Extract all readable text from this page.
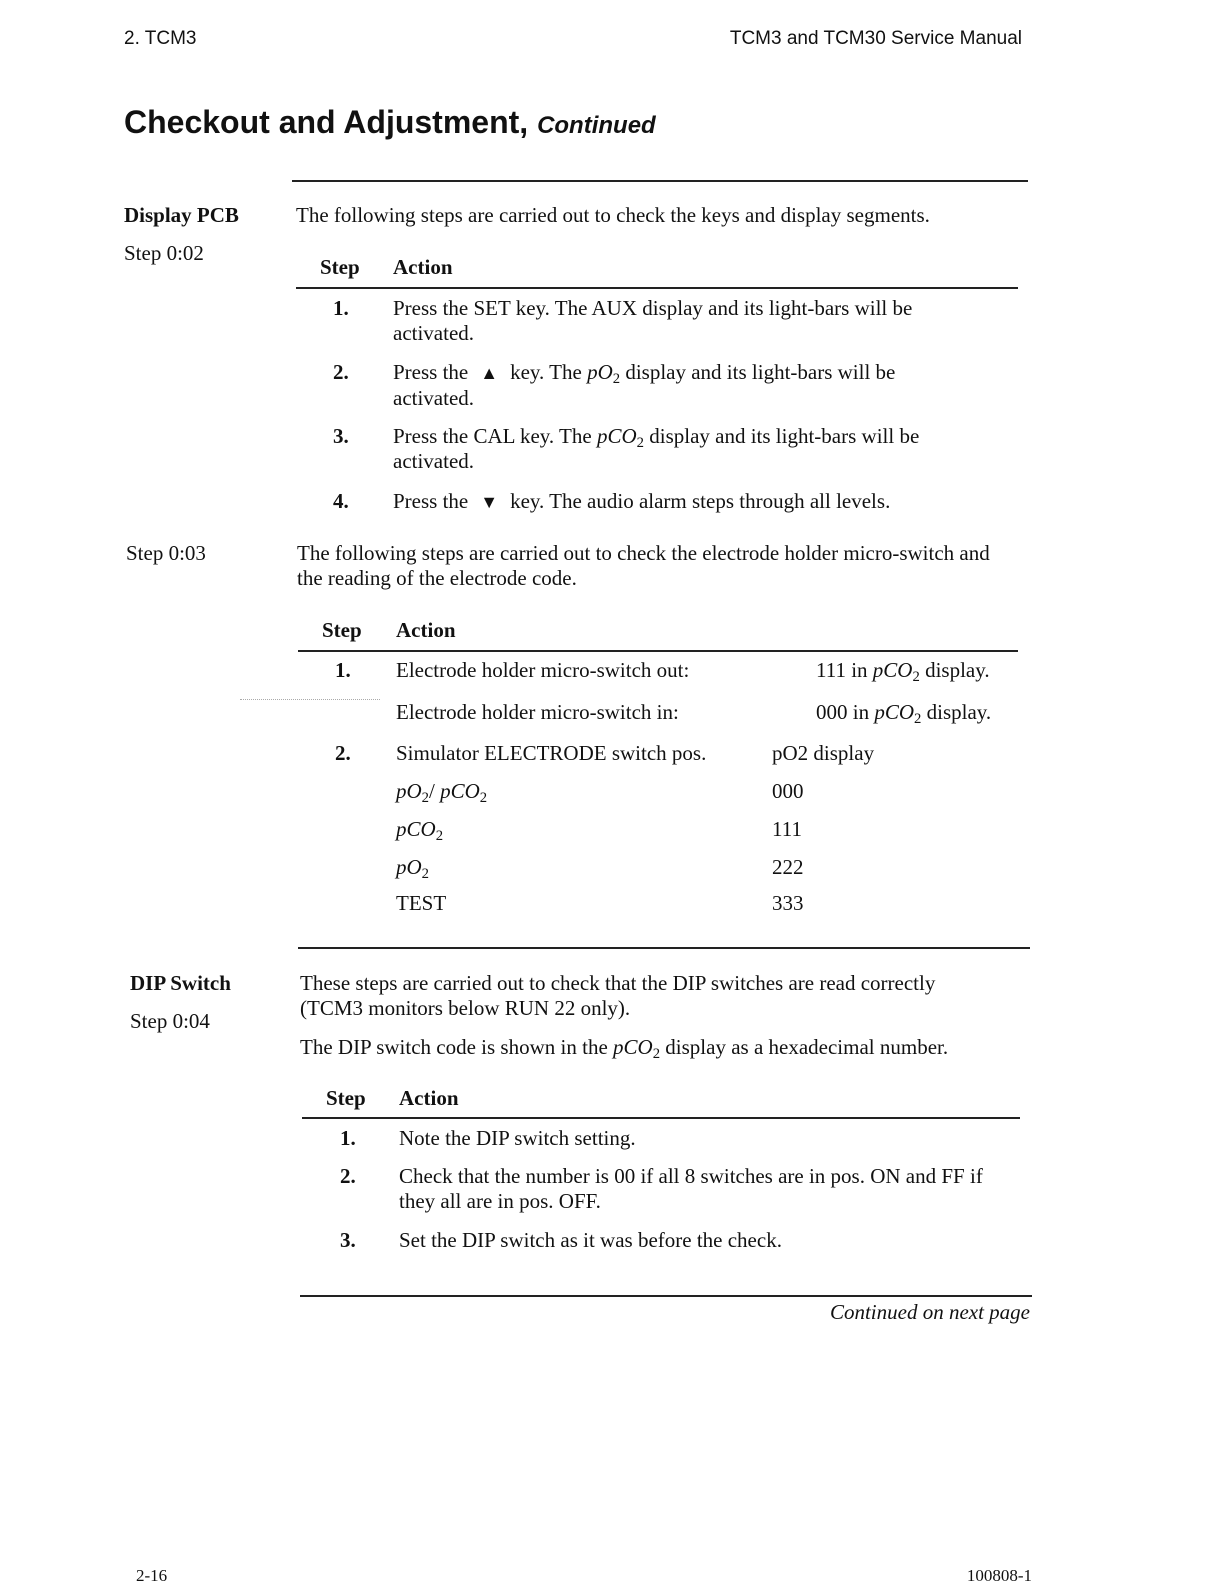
2. TCM3	TCM3 and TCM30 Service Manual
Checkout and Adjustment, Continued
Display PCB
Step 0:02
The following steps are carried out to check the keys and display segments.
Step Action
1. Press the SET key. The AUX display and its light-bars will be
activated.
2. Press the ▲ key. The $pO_2$ display and its light-bars will be
activated.
3. Press the CAL key. The pCO$_2$ display and its light-bars will be
activated.
4. Press the ▼ key. The audio alarm steps through all levels.
Step 0:03	The following steps are carried out to check the electrode holder micro-switch and
the reading of the electrode code.
Step Action
1. Electrode holder micro-switch out:	111 in pCO$_2$ display.
Electrode holder micro-switch in:	000 in pCO$_2$ display.
2. Simulator ELECTRODE switch pos.	pO2 display
$pO_2/$ pCO$_2$	000
pCO$_2$	111
$pO_2$	222
TEST	333
DIP Switch
Step 0:04
These steps are carried out to check that the DIP switches are read correctly
(TCM3 monitors below RUN 22 only).
The DIP switch code is shown in the pCO$_2$ display as a hexadecimal number.
Step Action
1. Note the DIP switch setting.
2. Check that the number is 00 if all 8 switches are in pos. ON and FF if
they all are in pos. OFF.
3. Set the DIP switch as it was before the check.
Continued on next page
2-16	100808-1
